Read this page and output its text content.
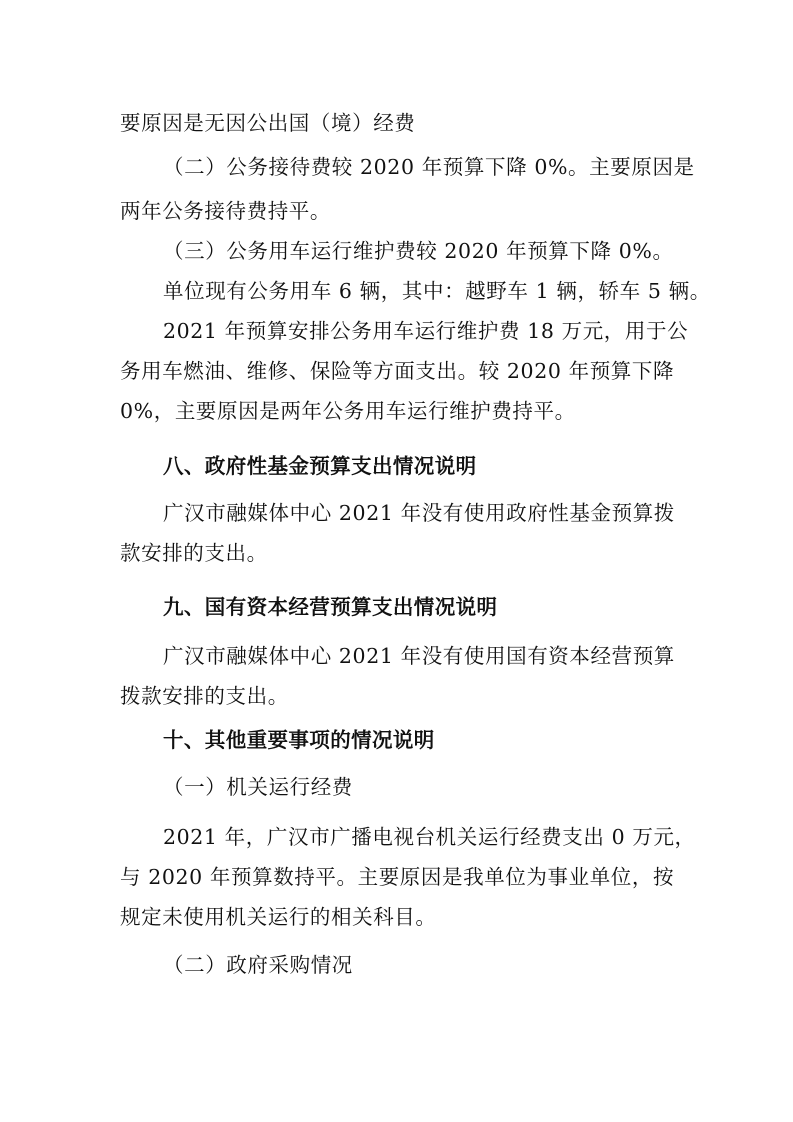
要原因是无因公出国（境）经费
（二）公务接待费较 2020 年预算下降 0%。主要原因是
两年公务接待费持平。
（三）公务用车运行维护费较 2020 年预算下降 0%。
单位现有公务用车 6 辆，其中：越野车 1 辆，轿车 5 辆。
2021 年预算安排公务用车运行维护费 18 万元，用于公
务用车燃油、维修、保险等方面支出。较 2020 年预算下降
0%，主要原因是两年公务用车运行维护费持平。
八、政府性基金预算支出情况说明
广汉市融媒体中心 2021 年没有使用政府性基金预算拨
款安排的支出。
九、国有资本经营预算支出情况说明
广汉市融媒体中心 2021 年没有使用国有资本经营预算
拨款安排的支出。
十、其他重要事项的情况说明
（一）机关运行经费
2021 年，广汉市广播电视台机关运行经费支出 0 万元，
与 2020 年预算数持平。主要原因是我单位为事业单位，按
规定未使用机关运行的相关科目。
（二）政府采购情况
